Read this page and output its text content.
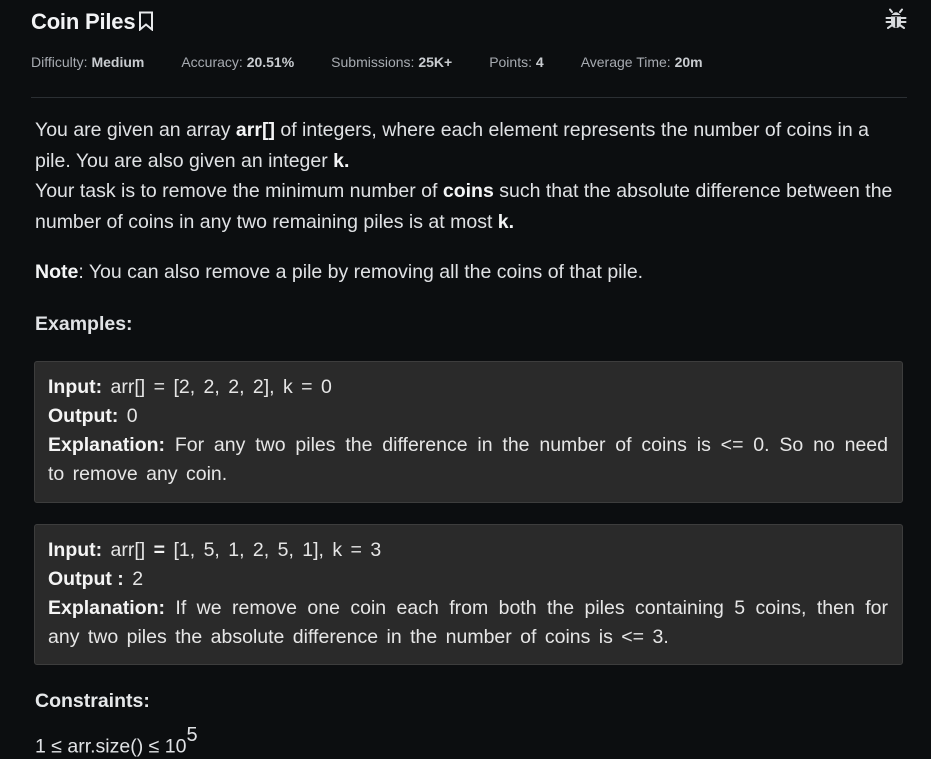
Coin Piles
Difficulty: Medium	Accuracy: 20.51%	Submissions: 25K+	Points: 4	Average Time: 20m

You are given an array arr[] of integers, where each element represents the number of coins in a pile. You are also given an integer k.

Your task is to remove the minimum number of coins such that the absolute difference between the number of coins in any two remaining piles is at most k.

Note: You can also remove a pile by removing all the coins of that pile.

Examples:

Input: arr[] = [2, 2, 2, 2], k = 0
Output: 0
Explanation: For any two piles the difference in the number of coins is <= 0. So no need to remove any coin.
Input: arr[] = [1, 5, 1, 2, 5, 1], k = 3
Output : 2
Explanation: If we remove one coin each from both the piles containing 5 coins, then for any two piles the absolute difference in the number of coins is <= 3.
Constraints:
1 ≤ arr.size() ≤ $10^5$
